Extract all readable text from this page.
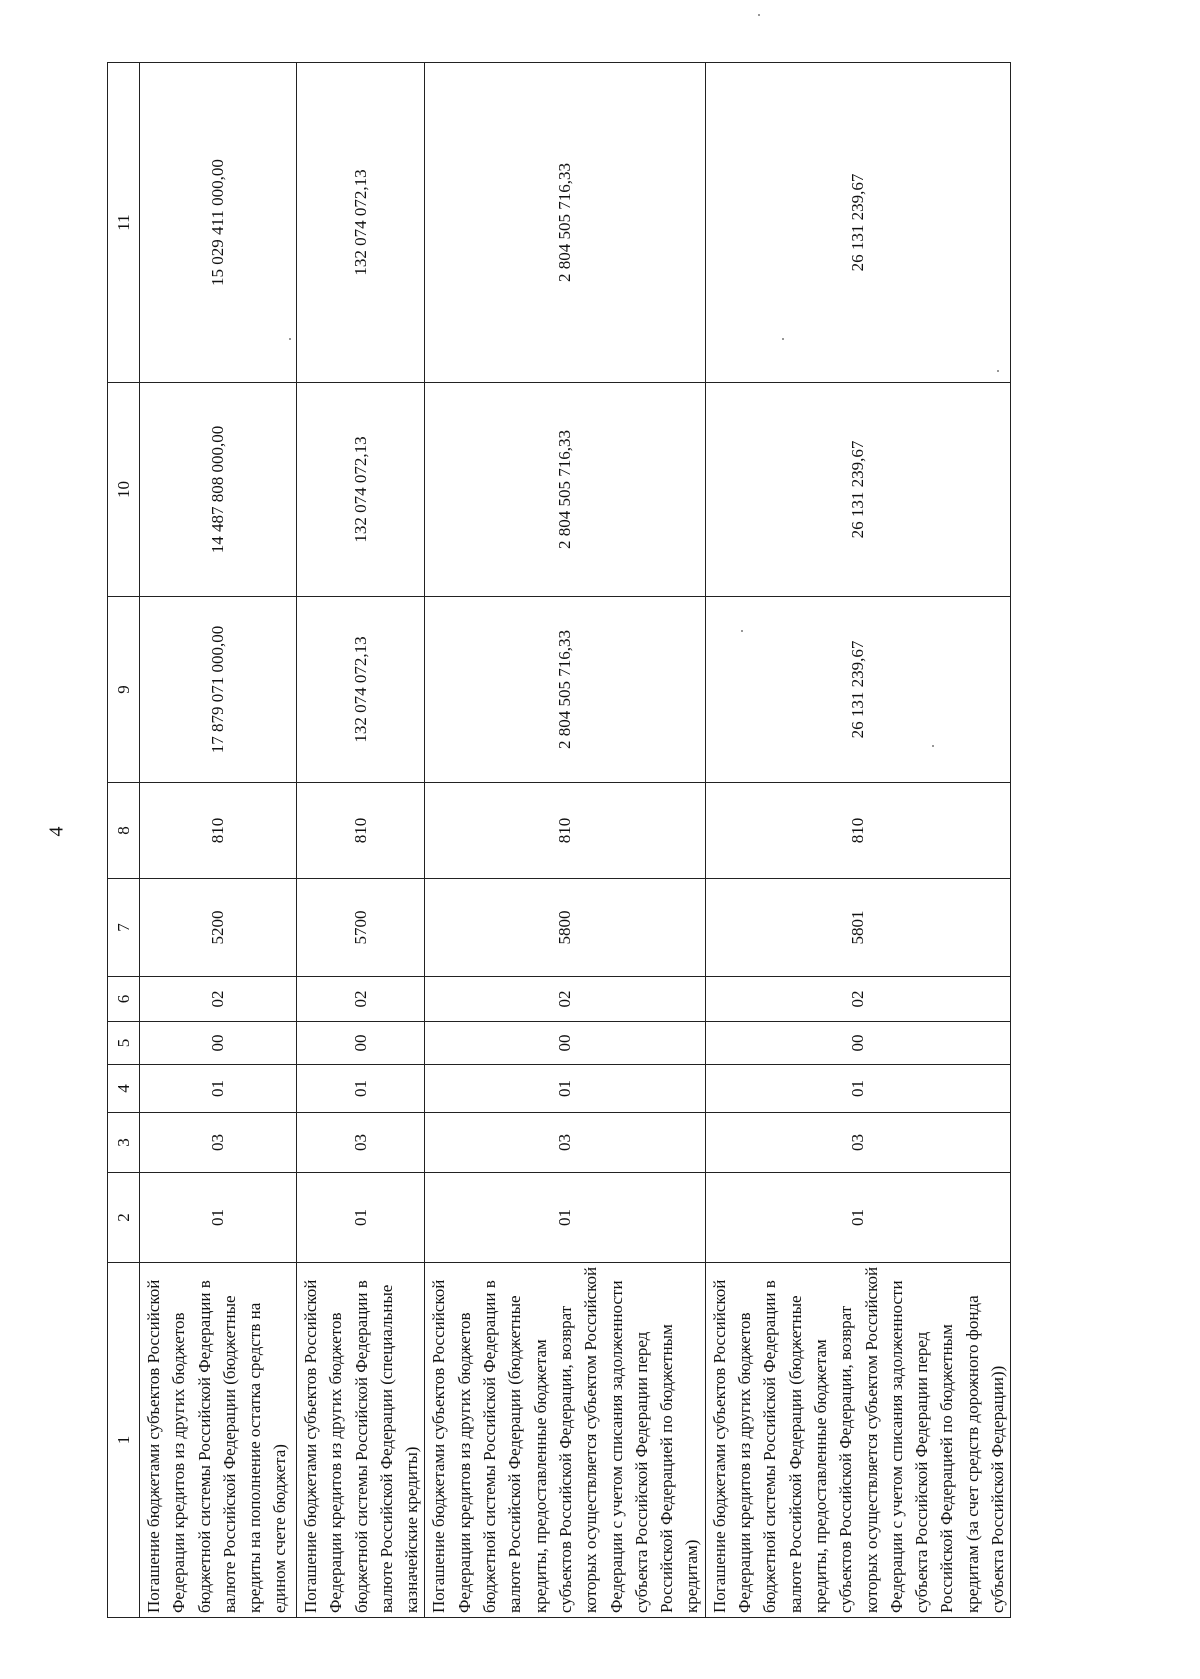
4
1	2	3	4	5	6	7	8	9	10	11
Погашение бюджетами субъектов Российской Федерации кредитов из других бюджетов бюджетной системы Российской Федерации в валюте Российской Федерации (бюджетные кредиты на пополнение остатка средств на едином счете бюджета)	01	03	01	00	02	5200	810	17 879 071 000,00	14 487 808 000,00	15 029 411 000,00
Погашение бюджетами субъектов Российской Федерации кредитов из других бюджетов бюджетной системы Российской Федерации в валюте Российской Федерации (специальные казначейские кредиты)	01	03	01	00	02	5700	810	132 074 072,13	132 074 072,13	132 074 072,13
Погашение бюджетами субъектов Российской Федерации кредитов из других бюджетов бюджетной системы Российской Федерации в валюте Российской Федерации (бюджетные кредиты, предоставленные бюджетам субъектов Российской Федерации, возврат которых осуществляется субъектом Российской Федерации с учетом списания задолженности субъекта Российской Федерации перед Российской Федерацией по бюджетным кредитам)	01	03	01	00	02	5800	810	2 804 505 716,33	2 804 505 716,33	2 804 505 716,33
Погашение бюджетами субъектов Российской Федерации кредитов из других бюджетов бюджетной системы Российской Федерации в валюте Российской Федерации (бюджетные кредиты, предоставленные бюджетам субъектов Российской Федерации, возврат которых осуществляется субъектом Российской Федерации с учетом списания задолженности субъекта Российской Федерации перед Российской Федерацией по бюджетным кредитам (за счет средств дорожного фонда субъекта Российской Федерации))	01	03	01	00	02	5801	810	26 131 239,67	26 131 239,67	26 131 239,67
